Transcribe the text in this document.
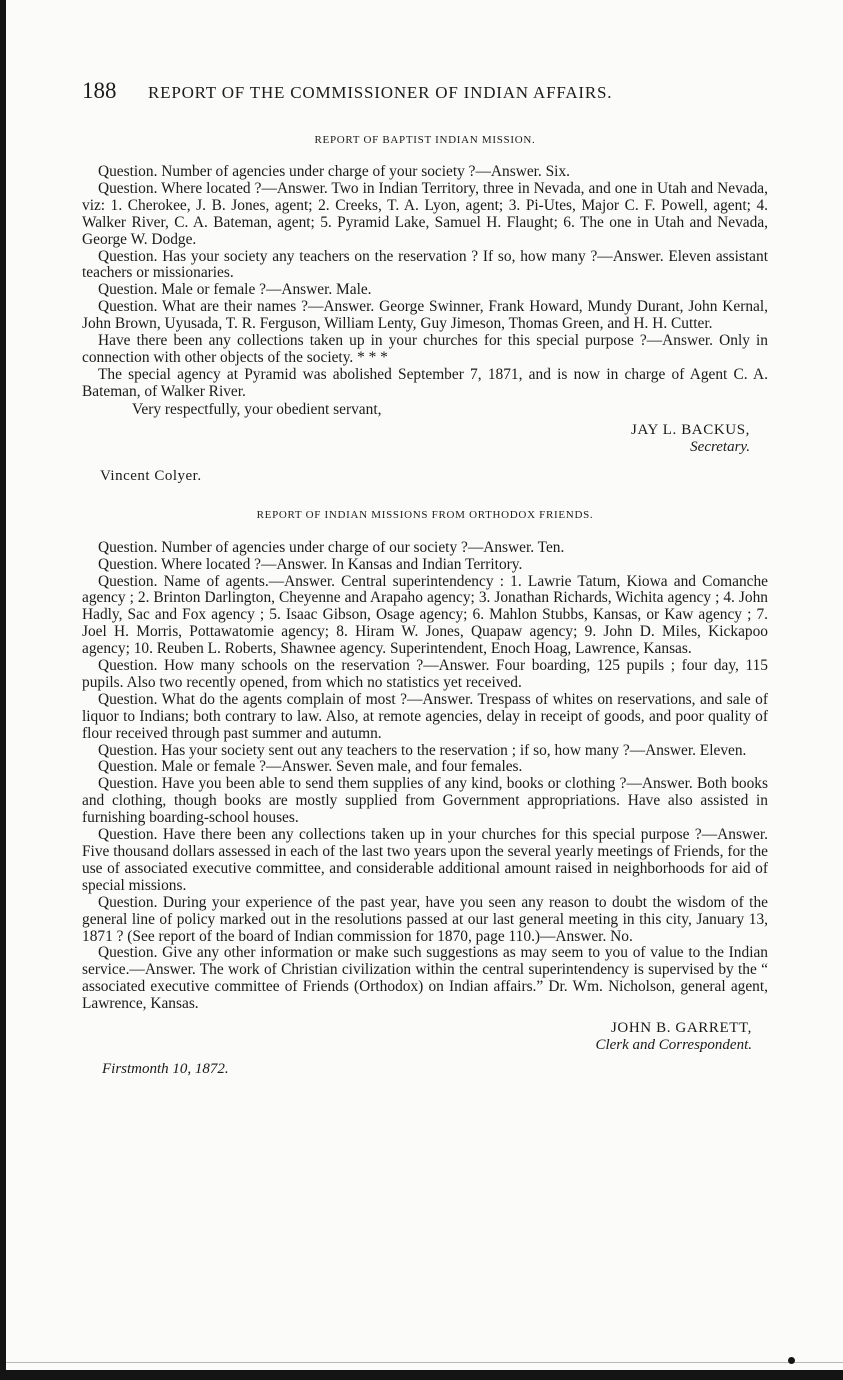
188	REPORT OF THE COMMISSIONER OF INDIAN AFFAIRS.
REPORT OF BAPTIST INDIAN MISSION.

Question. Number of agencies under charge of your society ?—Answer. Six.

Question. Where located ?—Answer. Two in Indian Territory, three in Nevada, and one in Utah and Nevada, viz: 1. Cherokee, J. B. Jones, agent; 2. Creeks, T. A. Lyon, agent; 3. Pi-Utes, Major C. F. Powell, agent; 4. Walker River, C. A. Bateman, agent; 5. Pyramid Lake, Samuel H. Flaught; 6. The one in Utah and Nevada, George W. Dodge.

Question. Has your society any teachers on the reservation ? If so, how many ?—Answer. Eleven assistant teachers or missionaries.

Question. Male or female ?—Answer. Male.

Question. What are their names ?—Answer. George Swinner, Frank Howard, Mundy Durant, John Kernal, John Brown, Uyusada, T. R. Ferguson, William Lenty, Guy Jimeson, Thomas Green, and H. H. Cutter.

Have there been any collections taken up in your churches for this special purpose ?—Answer. Only in connection with other objects of the society. * * *

The special agency at Pyramid was abolished September 7, 1871, and is now in charge of Agent C. A. Bateman, of Walker River.

Very respectfully, your obedient servant,
JAY L. BACKUS,
Secretary.
Vincent Colyer.
REPORT OF INDIAN MISSIONS FROM ORTHODOX FRIENDS.

Question. Number of agencies under charge of our society ?—Answer. Ten.

Question. Where located ?—Answer. In Kansas and Indian Territory.

Question. Name of agents.—Answer. Central superintendency : 1. Lawrie Tatum, Kiowa and Comanche agency ; 2. Brinton Darlington, Cheyenne and Arapaho agency; 3. Jonathan Richards, Wichita agency ; 4. John Hadly, Sac and Fox agency ; 5. Isaac Gibson, Osage agency; 6. Mahlon Stubbs, Kansas, or Kaw agency ; 7. Joel H. Morris, Pottawatomie agency; 8. Hiram W. Jones, Quapaw agency; 9. John D. Miles, Kickapoo agency; 10. Reuben L. Roberts, Shawnee agency. Superintendent, Enoch Hoag, Lawrence, Kansas.

Question. How many schools on the reservation ?—Answer. Four boarding, 125 pupils ; four day, 115 pupils. Also two recently opened, from which no statistics yet received.

Question. What do the agents complain of most ?—Answer. Trespass of whites on reservations, and sale of liquor to Indians; both contrary to law. Also, at remote agencies, delay in receipt of goods, and poor quality of flour received through past summer and autumn.

Question. Has your society sent out any teachers to the reservation ; if so, how many ?—Answer. Eleven.

Question. Male or female ?—Answer. Seven male, and four females.

Question. Have you been able to send them supplies of any kind, books or clothing ?—Answer. Both books and clothing, though books are mostly supplied from Government appropriations. Have also assisted in furnishing boarding-school houses.

Question. Have there been any collections taken up in your churches for this special purpose ?—Answer. Five thousand dollars assessed in each of the last two years upon the several yearly meetings of Friends, for the use of associated executive committee, and considerable additional amount raised in neighborhoods for aid of special missions.

Question. During your experience of the past year, have you seen any reason to doubt the wisdom of the general line of policy marked out in the resolutions passed at our last general meeting in this city, January 13, 1871 ? (See report of the board of Indian commission for 1870, page 110.)—Answer. No.

Question. Give any other information or make such suggestions as may seem to you of value to the Indian service.—Answer. The work of Christian civilization within the central superintendency is supervised by the “ associated executive committee of Friends (Orthodox) on Indian affairs.” Dr. Wm. Nicholson, general agent, Lawrence, Kansas.

JOHN B. GARRETT,
Clerk and Correspondent.
Firstmonth 10, 1872.
